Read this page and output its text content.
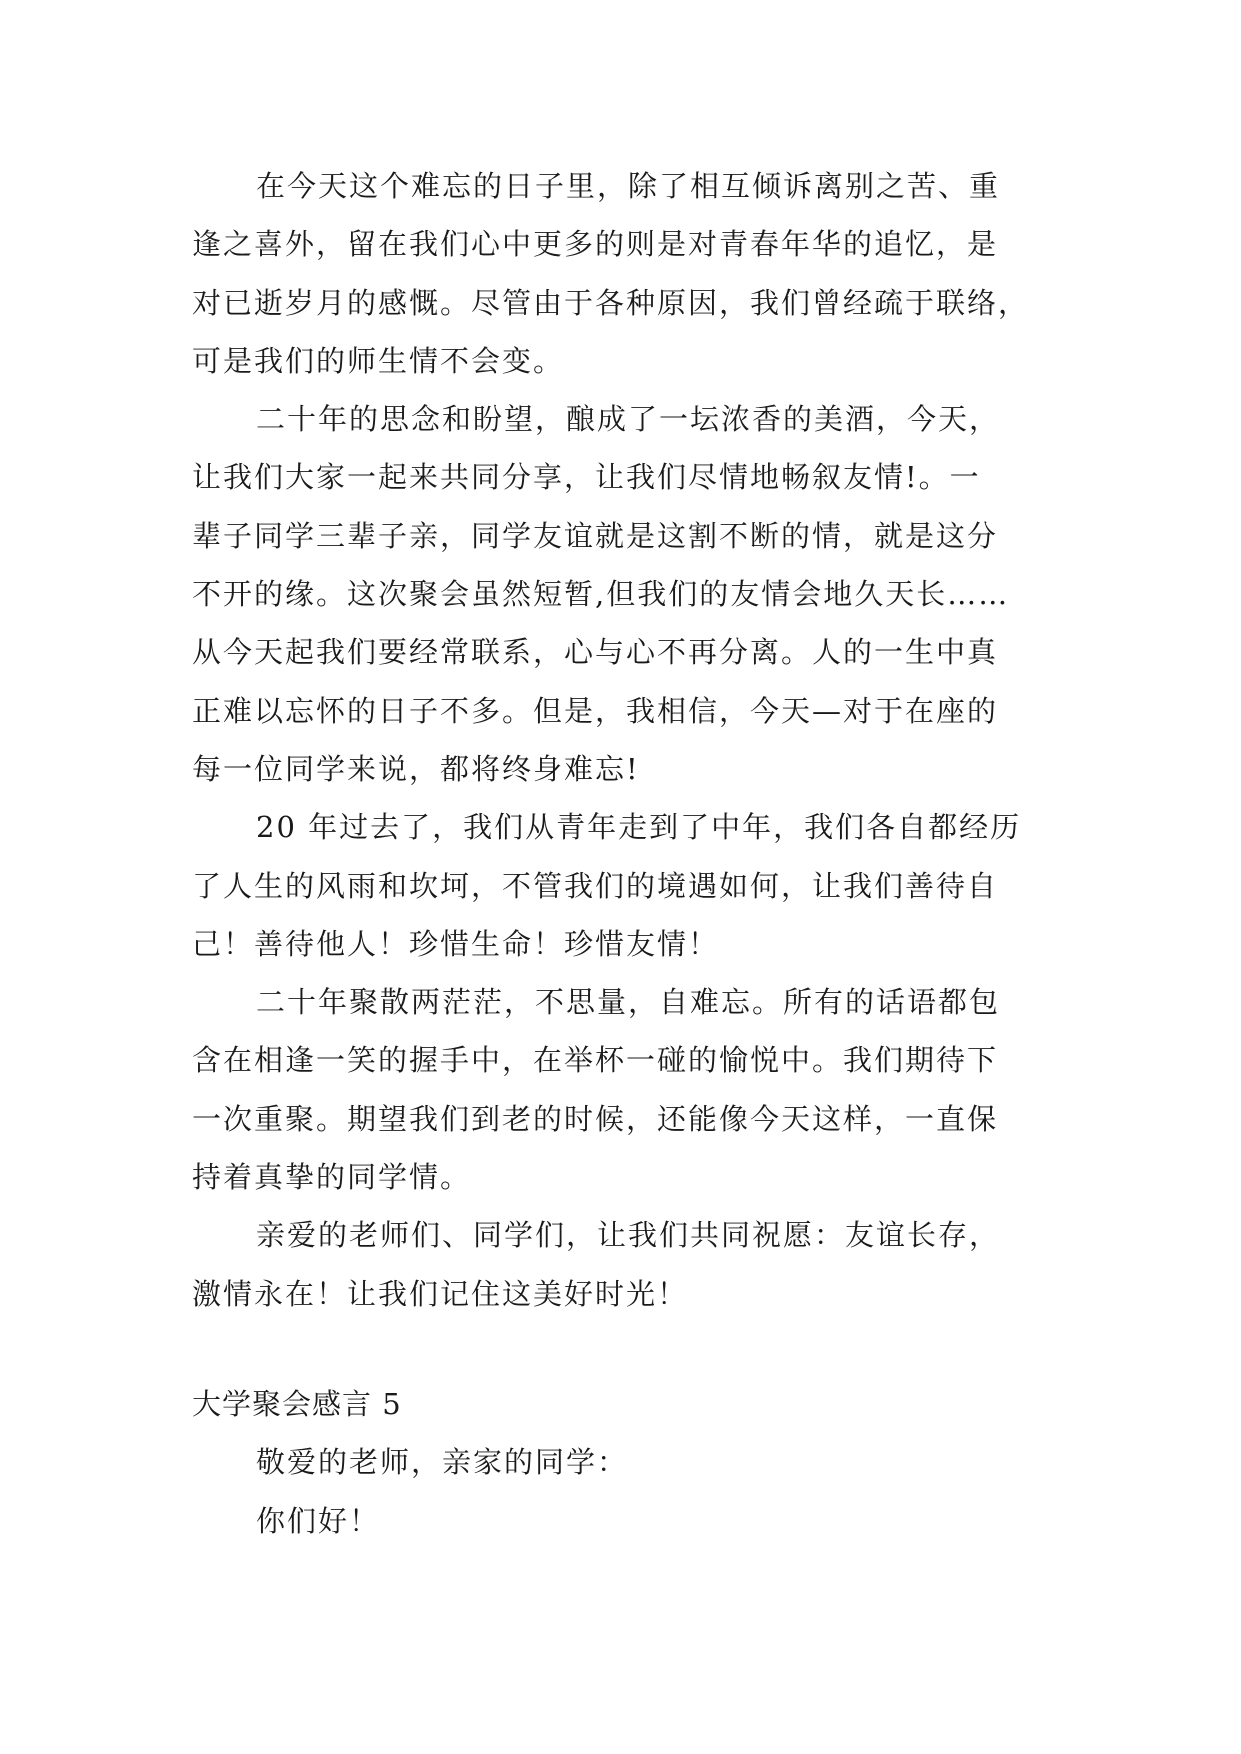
在今天这个难忘的日子里，除了相互倾诉离别之苦、重
逢之喜外，留在我们心中更多的则是对青春年华的追忆，是
对已逝岁月的感慨。尽管由于各种原因，我们曾经疏于联络，
可是我们的师生情不会变。

二十年的思念和盼望，酿成了一坛浓香的美酒，今天，
让我们大家一起来共同分享，让我们尽情地畅叙友情!。一
辈子同学三辈子亲，同学友谊就是这割不断的情，就是这分
不开的缘。这次聚会虽然短暂,但我们的友情会地久天长……
从今天起我们要经常联系，心与心不再分离。人的一生中真
正难以忘怀的日子不多。但是，我相信，今天—对于在座的
每一位同学来说，都将终身难忘!

20 年过去了，我们从青年走到了中年，我们各自都经历
了人生的风雨和坎坷，不管我们的境遇如何，让我们善待自
己！善待他人！珍惜生命！珍惜友情！

二十年聚散两茫茫，不思量，自难忘。所有的话语都包
含在相逢一笑的握手中，在举杯一碰的愉悦中。我们期待下
一次重聚。期望我们到老的时候，还能像今天这样，一直保
持着真挚的同学情。

亲爱的老师们、同学们，让我们共同祝愿：友谊长存，
激情永在！让我们记住这美好时光！

大学聚会感言 5

敬爱的老师，亲家的同学：

你们好！
